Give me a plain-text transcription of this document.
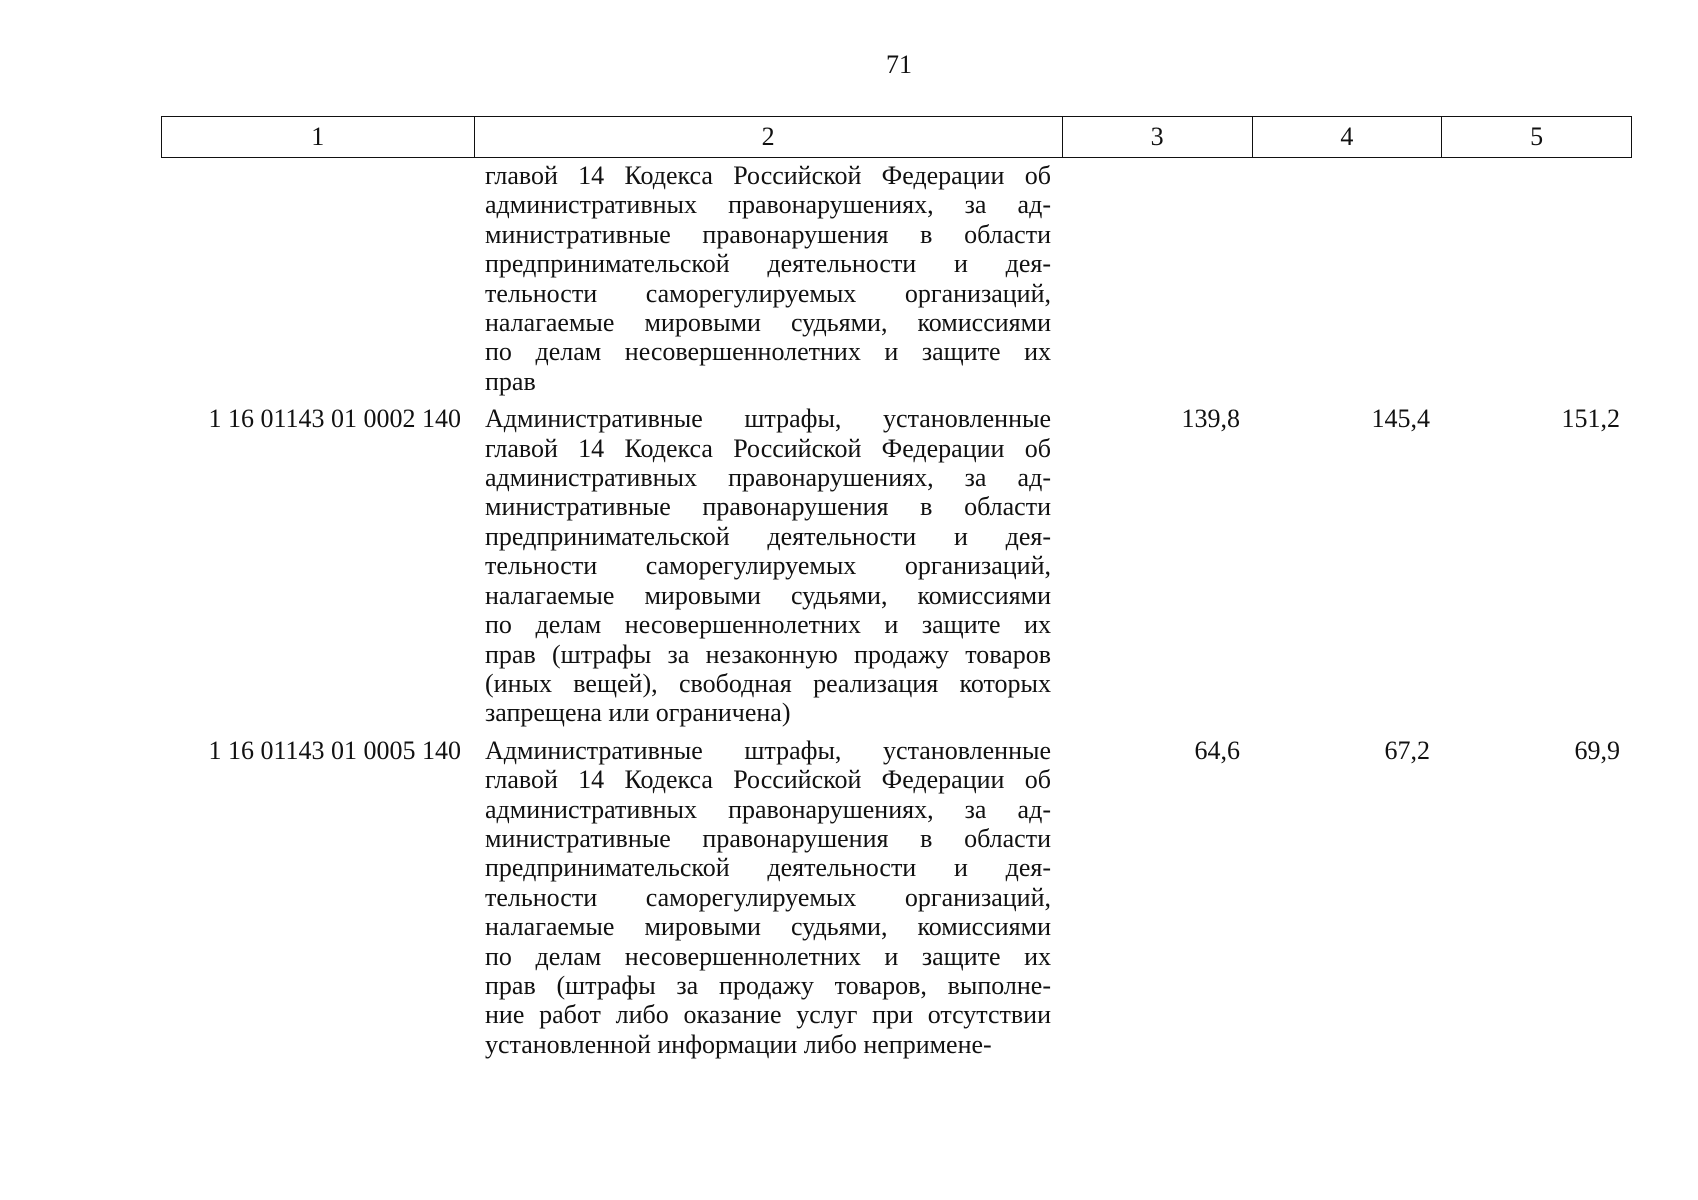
71
1	2	3	4	5
главой 14 Кодекса Российской Федерации об
административных правонарушениях, за ад-
министративные правонарушения в области
предпринимательской деятельности и дея-
тельности саморегулируемых организаций,
налагаемые мировыми судьями, комиссиями
по делам несовершеннолетних и защите их
прав
1 16 01143 01 0002 140 Административные штрафы, установленные
главой 14 Кодекса Российской Федерации об
административных правонарушениях, за ад-
министративные правонарушения в области
предпринимательской деятельности и дея-
тельности саморегулируемых организаций,
налагаемые мировыми судьями, комиссиями
по делам несовершеннолетних и защите их
прав (штрафы за незаконную продажу товаров
(иных вещей), свободная реализация которых
запрещена или ограничена)
139,8	145,4	151,2
1 16 01143 01 0005 140 Административные штрафы, установленные
главой 14 Кодекса Российской Федерации об
административных правонарушениях, за ад-
министративные правонарушения в области
предпринимательской деятельности и дея-
тельности саморегулируемых организаций,
налагаемые мировыми судьями, комиссиями
по делам несовершеннолетних и защите их
прав (штрафы за продажу товаров, выполне-
ние работ либо оказание услуг при отсутствии
установленной информации либо непримене-
64,6	67,2	69,9
